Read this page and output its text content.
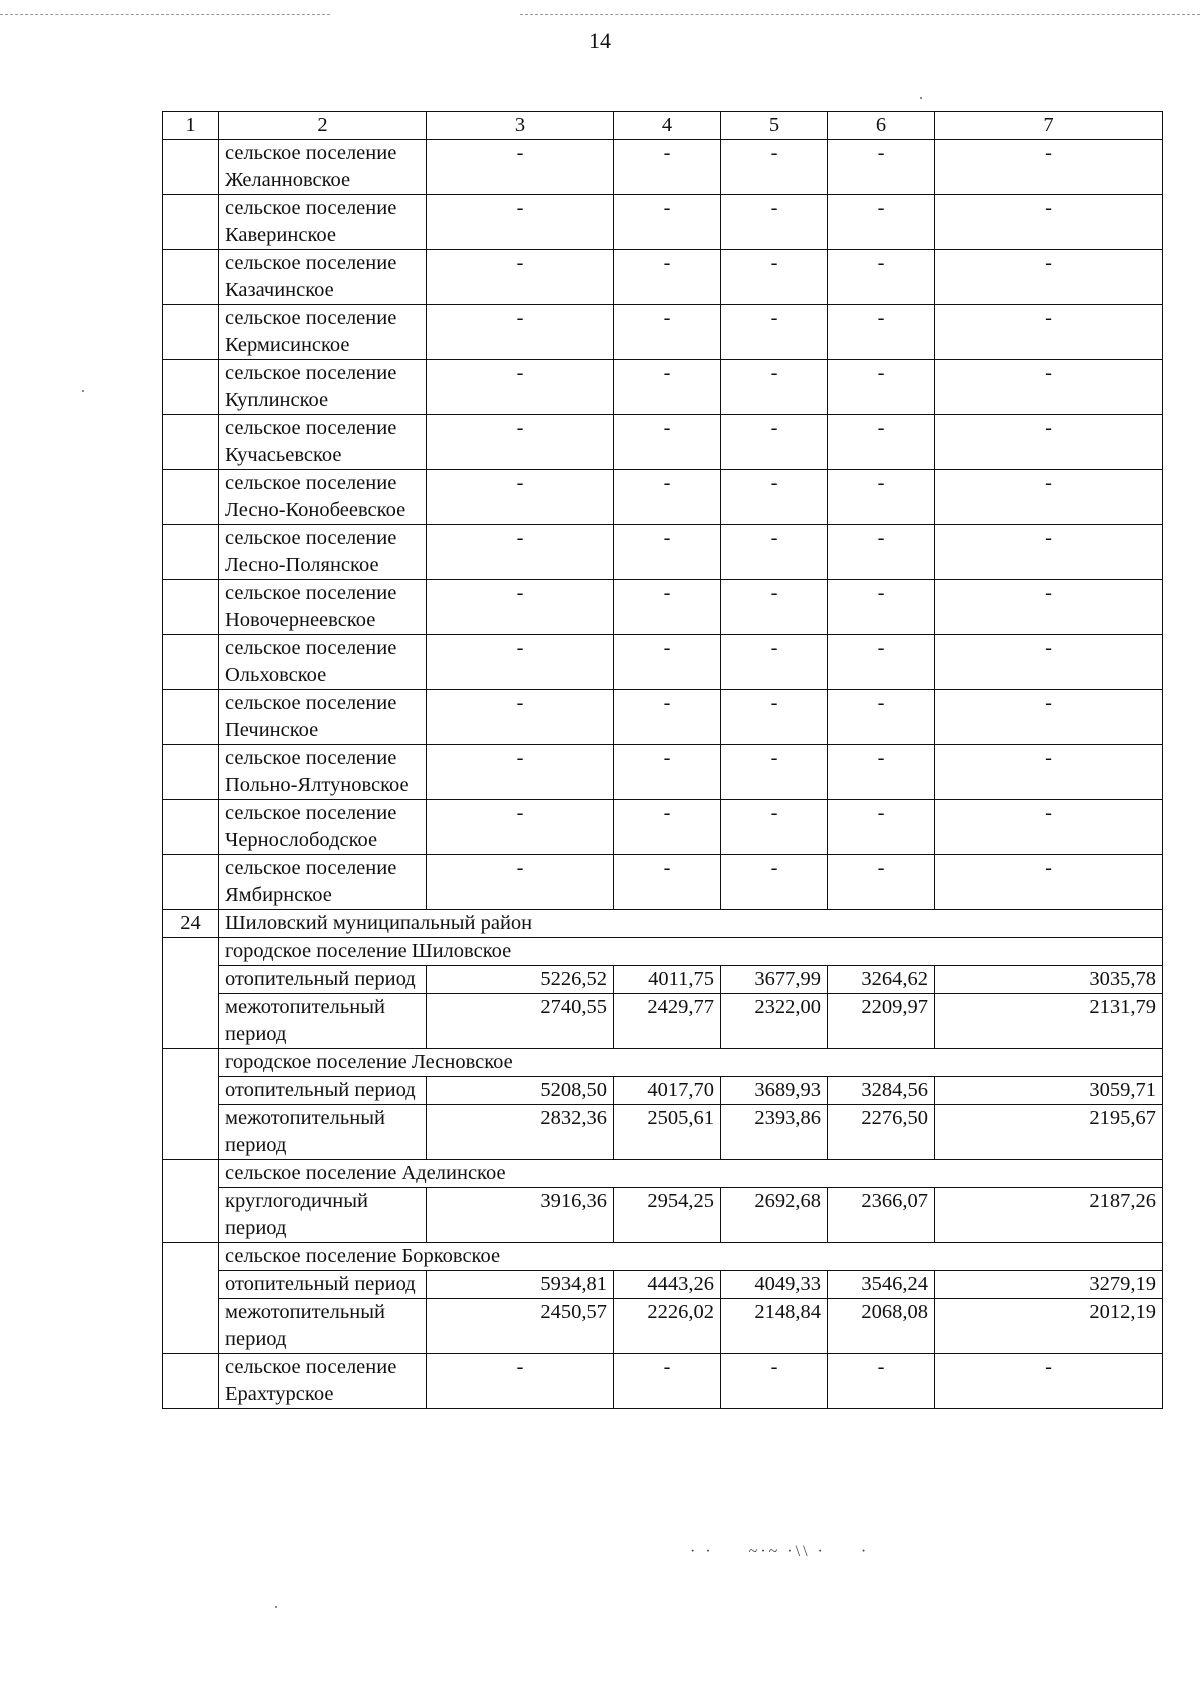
14
1	2	3	4	5	6	7
	сельское поселение Желанновское	-	-	-	-	-
	сельское поселение Каверинское	-	-	-	-	-
	сельское поселение Казачинское	-	-	-	-	-
	сельское поселение Кермисинское	-	-	-	-	-
	сельское поселение Куплинское	-	-	-	-	-
	сельское поселение Кучасьевское	-	-	-	-	-
	сельское поселение Лесно-Конобеевское	-	-	-	-	-
	сельское поселение Лесно-Полянское	-	-	-	-	-
	сельское поселение Новочернеевское	-	-	-	-	-
	сельское поселение Ольховское	-	-	-	-	-
	сельское поселение Печинское	-	-	-	-	-
	сельское поселение Польно-Ялтуновское	-	-	-	-	-
	сельское поселение Чернослободское	-	-	-	-	-
	сельское поселение Ямбирнское	-	-	-	-	-
24	Шиловский муниципальный район					
	городское поселение Шиловское					
	отопительный период	5226,52	4011,75	3677,99	3264,62	3035,78
	межотопительный период	2740,55	2429,77	2322,00	2209,97	2131,79
	городское поселение Лесновское					
	отопительный период	5208,50	4017,70	3689,93	3284,56	3059,71
	межотопительный период	2832,36	2505,61	2393,86	2276,50	2195,67
	сельское поселение Аделинское					
	круглогодичный период	3916,36	2954,25	2692,68	2366,07	2187,26
	сельское поселение Борковское					
	отопительный период	5934,81	4443,26	4049,33	3546,24	3279,19
	межотопительный период	2450,57	2226,02	2148,84	2068,08	2012,19
	сельское поселение Ерахтурское	-	-	-	-	-
· ·     ~·~ ·\\ ·     ·
